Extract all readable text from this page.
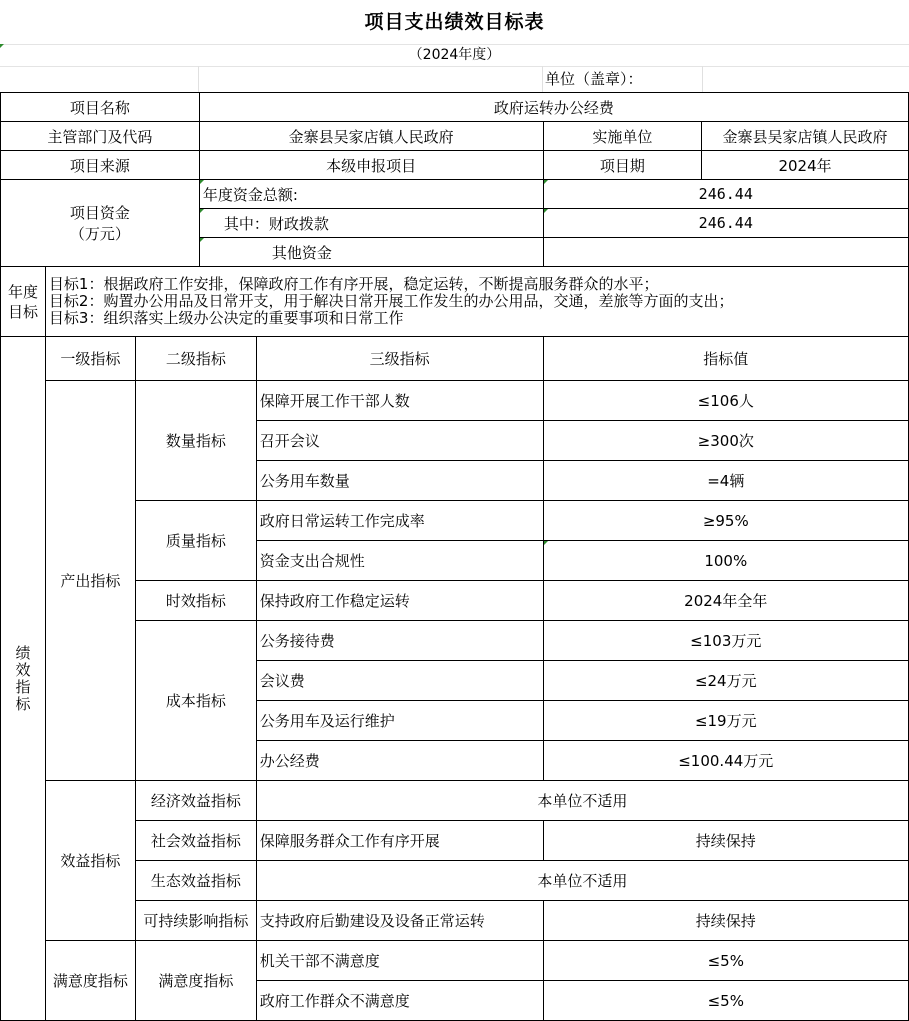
项目支出绩效目标表
（2024年度）
单位（盖章）：
项目名称			政府运转办公经费			
主管部门及代码			金寨县吴家店镇人民政府		实施单位	金寨县吴家店镇人民政府
项目来源			本级申报项目		项目期	2024年

项目资金
（万元）			年度资金总额:		246.44	

其中：财政拨款		246.44	

其他资金			
年度目标	目标1：根据政府工作安排，保障政府工作有序开展，稳定运转，不断提高服务群众的水平；
目标2：购置办公用品及日常开支，用于解决日常开展工作发生的办公用品，交通，差旅等方面的支出；
目标3：组织落实上级办公决定的重要事项和日常工作					

绩效指标	一级指标	二级指标		三级指标	指标值	
	产出指标	数量指标		保障开展工作干部人数	≤106人	
				召开会议	≥300次	
				公务用车数量	=4辆	
		质量指标		政府日常运转工作完成率	≥95%	
				资金支出合规性	100%	
		时效指标		保持政府工作稳定运转	2024年全年	
		成本指标		公务接待费	≤103万元	
				会议费	≤24万元	
				公务用车及运行维护	≤19万元	
				办公经费	≤100.44万元	
	效益指标	经济效益指标		本单位不适用		
		社会效益指标		保障服务群众工作有序开展	持续保持	
		生态效益指标		本单位不适用		
		可持续影响指标		支持政府后勤建设及设备正常运转	持续保持	
	满意度指标	满意度指标		机关干部不满意度	≤5%	
				政府工作群众不满意度	≤5%	
